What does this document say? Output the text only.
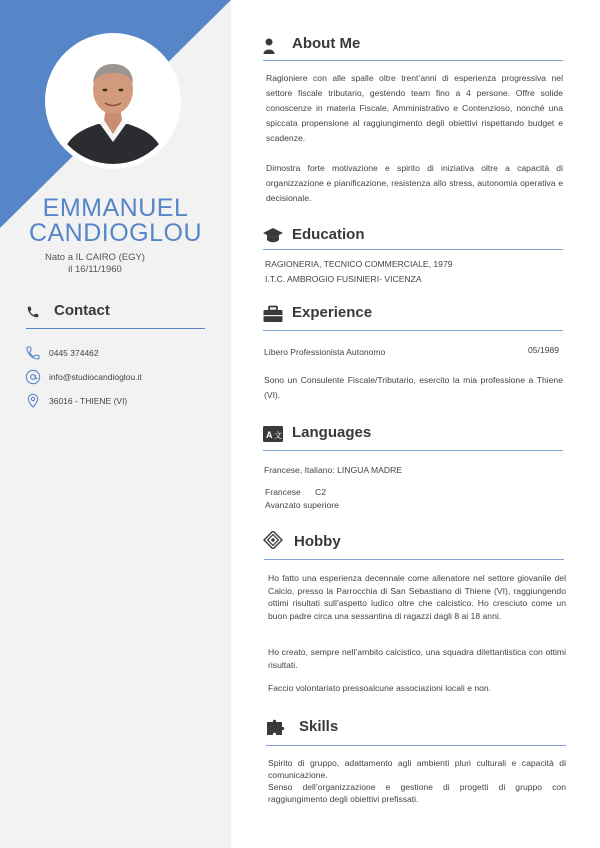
EMMANUEL
CANDIOGLOU
Nato a IL CAIRO (EGY)
il 16/11/1960
Contact
0445 374462
info@studiocandioglou.it
36016 - THIENE (VI)
About Me
Ragioniere con alle spalle oltre trent’anni di esperienza progressiva nel settore fiscale tributario, gestendo team fino a 4 persone. Offre solide conoscenze in materia Fiscale, Amministrativo e Contenzioso, nonché una spiccata propensione al raggiungimento degli obiettivi rispettando budget e scadenze.
Dimostra forte motivazione e spirito di iniziativa oltre a capacità di organizzazione e pianificazione, resistenza allo stress, autonomia operativa e decisionale.
Education
RAGIONERIA, TECNICO COMMERCIALE, 1979
I.T.C. AMBROGIO FUSINIERI- VICENZA
Experience
Libero Professionista Autonomo	05/1989
Sono un Consulente Fiscale/Tributario, esercito la mia professione a Thiene (VI).
A 文 Languages
Francese, Italiano: LINGUA MADRE
Francese C2
Avanzato superiore
Hobby
Ho fatto una esperienza decennale come allenatore nel settore giovanile del Calcio, presso la Parrocchia di San Sebastiano di Thiene (VI), raggiungendo ottimi risultati sull’aspetto ludico oltre che calcistico. Ho cresciuto come un buon padre circa una sessantina di ragazzi dagli 8 ai 18 anni.
Ho creato, sempre nell’ambito calcistico, una squadra dilettantistica con ottimi risultati.
Faccio volontariato pressoalcune associazioni locali e non.
Skills
Spirito di gruppo, adattamento agli ambienti pluri culturali e capacità di comunicazione.
Senso dell’organizzazione e gestione di progetti di gruppo con raggiungimento degli obiettivi prefissati.
